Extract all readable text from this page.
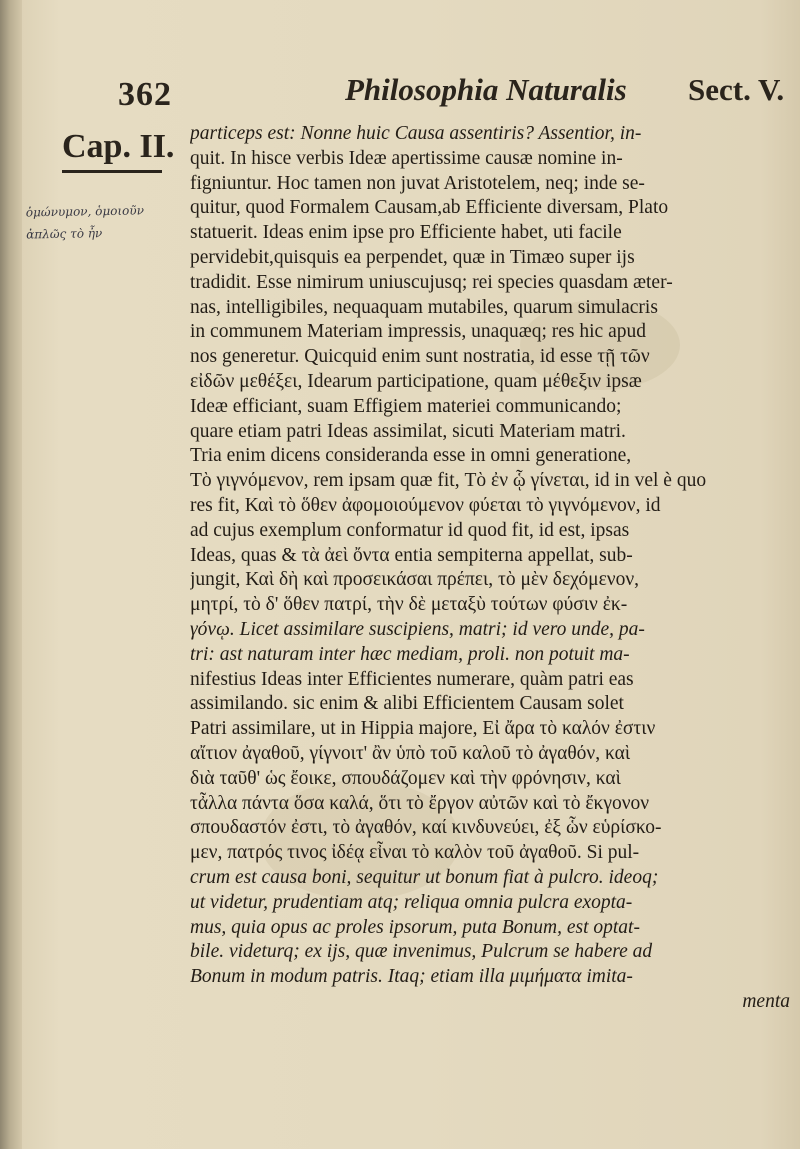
362	Philosophia Naturalis Sect. V.
Cap. II.
ὁμώνυμον, ὁμοιοῦν
ἀπλῶς τὸ ἦν
particeps est: Nonne huic Causa assentiris? Assentior, in-
quit. In hisce verbis Ideæ apertissime causæ nomine in-
figniuntur. Hoc tamen non juvat Aristotelem, neq; inde se-
quitur, quod Formalem Causam,ab Efficiente diversam, Plato
statuerit. Ideas enim ipse pro Efficiente habet, uti facile
pervidebit,quisquis ea perpendet, quæ in Timæo super ijs
tradidit. Esse nimirum uniuscujusq; rei species quasdam æter-
nas, intelligibiles, nequaquam mutabiles, quarum simulacris
in communem Materiam impressis, unaquæq; res hic apud
nos generetur. Quicquid enim sunt nostratia, id esse τῇ τῶν
εἰδῶν μεθέξει, Idearum participatione, quam μέθεξιν ipsæ
Ideæ efficiant, suam Effigiem materiei communicando;
quare etiam patri Ideas assimilat, sicuti Materiam matri.
Tria enim dicens consideranda esse in omni generatione,
Τὸ γιγνόμενον, rem ipsam quæ fit, Τὸ ἐν ᾧ γίνεται, id in vel è quo
res fit, Καὶ τὸ ὅθεν ἀφομοιούμενον φύεται τὸ γιγνόμενον, id
ad cujus exemplum conformatur id quod fit, id est, ipsas
Ideas, quas & τὰ ἀεὶ ὄντα entia sempiterna appellat, sub-
jungit, Καὶ δὴ καὶ προσεικάσαι πρέπει, τὸ μὲν δεχόμενον,
μητρί, τὸ δ' ὅθεν πατρί, τὴν δὲ μεταξὺ τούτων φύσιν ἐκ-
γόνῳ. Licet assimilare suscipiens, matri; id vero unde, pa-
tri: ast naturam inter hæc mediam, proli. non potuit ma-
nifestius Ideas inter Efficientes numerare, quàm patri eas
assimilando. sic enim & alibi Efficientem Causam solet
Patri assimilare, ut in Hippia majore, Εἰ ἄρα τὸ καλόν ἐστιν
αἴτιον ἀγαθοῦ, γίγνοιτ' ἂν ὑπὸ τοῦ καλοῦ τὸ ἀγαθόν, καὶ
διὰ ταῦθ' ὡς ἔοικε, σπουδάζομεν καὶ τὴν φρόνησιν, καὶ
τἆλλα πάντα ὅσα καλά, ὅτι τὸ ἔργον αὐτῶν καὶ τὸ ἔκγονον
σπουδαστόν ἐστι, τὸ ἀγαθόν, καί κινδυνεύει, ἐξ ὧν εὑρίσκο-
μεν, πατρός τινος ἰδέᾳ εἶναι τὸ καλὸν τοῦ ἀγαθοῦ. Si pul-
crum est causa boni, sequitur ut bonum fiat à pulcro. ideoq;
ut videtur, prudentiam atq; reliqua omnia pulcra exopta-
mus, quia opus ac proles ipsorum, puta Bonum, est optat-
bile. videturq; ex ijs, quæ invenimus, Pulcrum se habere ad
Bonum in modum patris. Itaq; etiam illa μιμήματα imita-
menta
